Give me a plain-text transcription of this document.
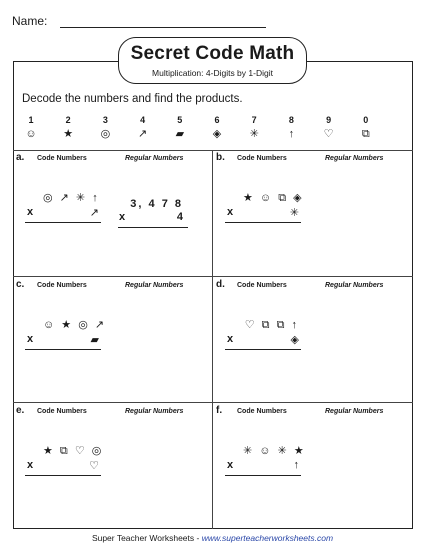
Name:
Secret Code Math
Multiplication: 4-Digits by 1-Digit
Decode the numbers and find the products.
1
☺
2
★
3
◎
4
↗
5
▰
6
◈
7
✳
8
↑
9
♡
0
⧉
a. Code Numbers	Regular Numbers
◎ ↗ ✳ ↑
x	↗
3, 4 7 8
x	4
b. Code Numbers	Regular Numbers
★ ☺ ⧉ ◈
x	✳
c. Code Numbers	Regular Numbers
☺ ★ ◎ ↗
x	▰
d. Code Numbers	Regular Numbers
♡ ⧉ ⧉ ↑
x	◈
e. Code Numbers	Regular Numbers
★ ⧉ ♡ ◎
x	♡
f. Code Numbers	Regular Numbers
✳ ☺ ✳ ★
x	↑
Super Teacher Worksheets - www.superteacherworksheets.com
